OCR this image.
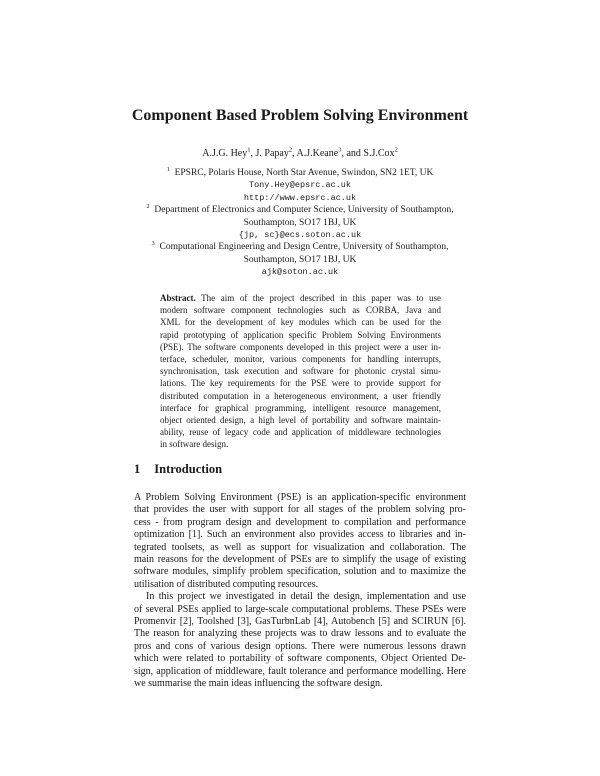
Component Based Problem Solving Environment
A.J.G. Hey$^1$, J. Papay$^2$, A.J.Keane$^3$, and S.J.Cox$^2$
$^1$ EPSRC, Polaris House, North Star Avenue, Swindon, SN2 1ET, UK
Tony.Hey@epsrc.ac.uk
http://www.epsrc.ac.uk
$^2$ Department of Electronics and Computer Science, University of Southampton,
Southampton, SO17 1BJ, UK
{jp, sc}@ecs.soton.ac.uk
$^3$ Computational Engineering and Design Centre, University of Southampton,
Southampton, SO17 1BJ, UK
ajk@soton.ac.uk
Abstract. The aim of the project described in this paper was to use
modern software component technologies such as CORBA, Java and
XML for the development of key modules which can be used for the
rapid prototyping of application specific Problem Solving Environments
(PSE). The software components developed in this project were a user in-
terface, scheduler, monitor, various components for handling interrupts,
synchronisation, task execution and software for photonic crystal simu-
lations. The key requirements for the PSE were to provide support for
distributed computation in a heterogeneous environment, a user friendly
interface for graphical programming, intelligent resource management,
object oriented design, a high level of portability and software maintain-
ability, reuse of legacy code and application of middleware technologies
in software design.
1 Introduction
A Problem Solving Environment (PSE) is an application-specific environment
that provides the user with support for all stages of the problem solving pro-
cess - from program design and development to compilation and performance
optimization [1]. Such an environment also provides access to libraries and in-
tegrated toolsets, as well as support for visualization and collaboration. The
main reasons for the development of PSEs are to simplify the usage of existing
software modules, simplify problem specification, solution and to maximize the
utilisation of distributed computing resources.
In this project we investigated in detail the design, implementation and use
of several PSEs applied to large-scale computational problems. These PSEs were
Promenvir [2], Toolshed [3], GasTurbnLab [4], Autobench [5] and SCIRUN [6].
The reason for analyzing these projects was to draw lessons and to evaluate the
pros and cons of various design options. There were numerous lessons drawn
which were related to portability of software components, Object Oriented De-
sign, application of middleware, fault tolerance and performance modelling. Here
we summarise the main ideas influencing the software design.
